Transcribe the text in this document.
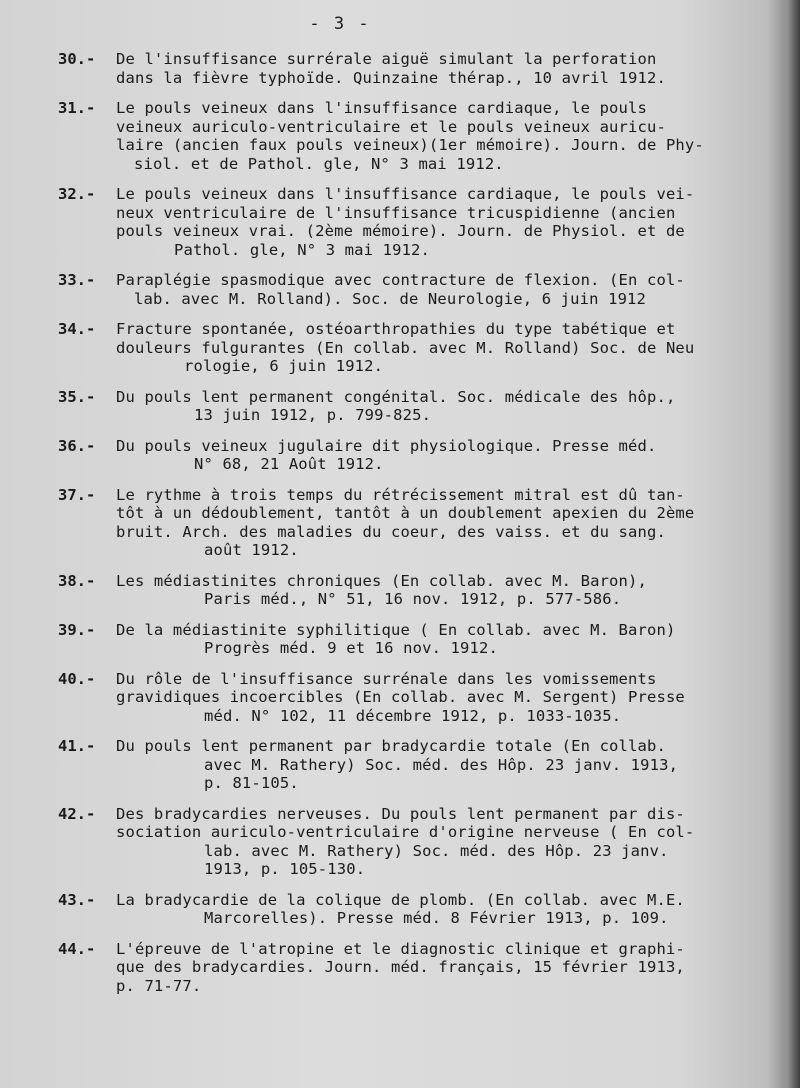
- 3 -
30.-	De l'insuffisance surrérale aiguë simulant la perforation
dans la fièvre typhoïde. Quinzaine thérap., 10 avril 1912.
31.-	Le pouls veineux dans l'insuffisance cardiaque, le pouls
veineux auriculo-ventriculaire et le pouls veineux auricu-
laire (ancien faux pouls veineux)(1er mémoire). Journ. de Phy-
siol. et de Pathol. gle, N° 3 mai 1912.
32.-	Le pouls veineux dans l'insuffisance cardiaque, le pouls vei-
neux ventriculaire de l'insuffisance tricuspidienne (ancien
pouls veineux vrai. (2ème mémoire). Journ. de Physiol. et de
Pathol. gle, N° 3 mai 1912.
33.-	Paraplégie spasmodique avec contracture de flexion. (En col-
lab. avec M. Rolland). Soc. de Neurologie, 6 juin 1912
34.-	Fracture spontanée, ostéoarthropathies du type tabétique et
douleurs fulgurantes (En collab. avec M. Rolland) Soc. de Neu
rologie, 6 juin 1912.
35.-	Du pouls lent permanent congénital. Soc. médicale des hôp.,
13 juin 1912, p. 799-825.
36.-	Du pouls veineux jugulaire dit physiologique. Presse méd.
N° 68, 21 Août 1912.
37.-	Le rythme à trois temps du rétrécissement mitral est dû tan-
tôt à un dédoublement, tantôt à un doublement apexien du 2ème
bruit. Arch. des maladies du coeur, des vaiss. et du sang.
août 1912.
38.-	Les médiastinites chroniques (En collab. avec M. Baron),
Paris méd., N° 51, 16 nov. 1912, p. 577-586.
39.-	De la médiastinite syphilitique ( En collab. avec M. Baron)
Progrès méd. 9 et 16 nov. 1912.
40.-	Du rôle de l'insuffisance surrénale dans les vomissements
gravidiques incoercibles (En collab. avec M. Sergent) Presse
méd. N° 102, 11 décembre 1912, p. 1033-1035.
41.-	Du pouls lent permanent par bradycardie totale (En collab.
avec M. Rathery) Soc. méd. des Hôp. 23 janv. 1913,
p. 81-105.
42.-	Des bradycardies nerveuses. Du pouls lent permanent par dis-
sociation auriculo-ventriculaire d'origine nerveuse ( En col-
lab. avec M. Rathery) Soc. méd. des Hôp. 23 janv.
1913, p. 105-130.
43.-	La bradycardie de la colique de plomb. (En collab. avec M.E.
Marcorelles). Presse méd. 8 Février 1913, p. 109.
44.-	L'épreuve de l'atropine et le diagnostic clinique et graphi-
que des bradycardies. Journ. méd. français, 15 février 1913,
p. 71-77.
